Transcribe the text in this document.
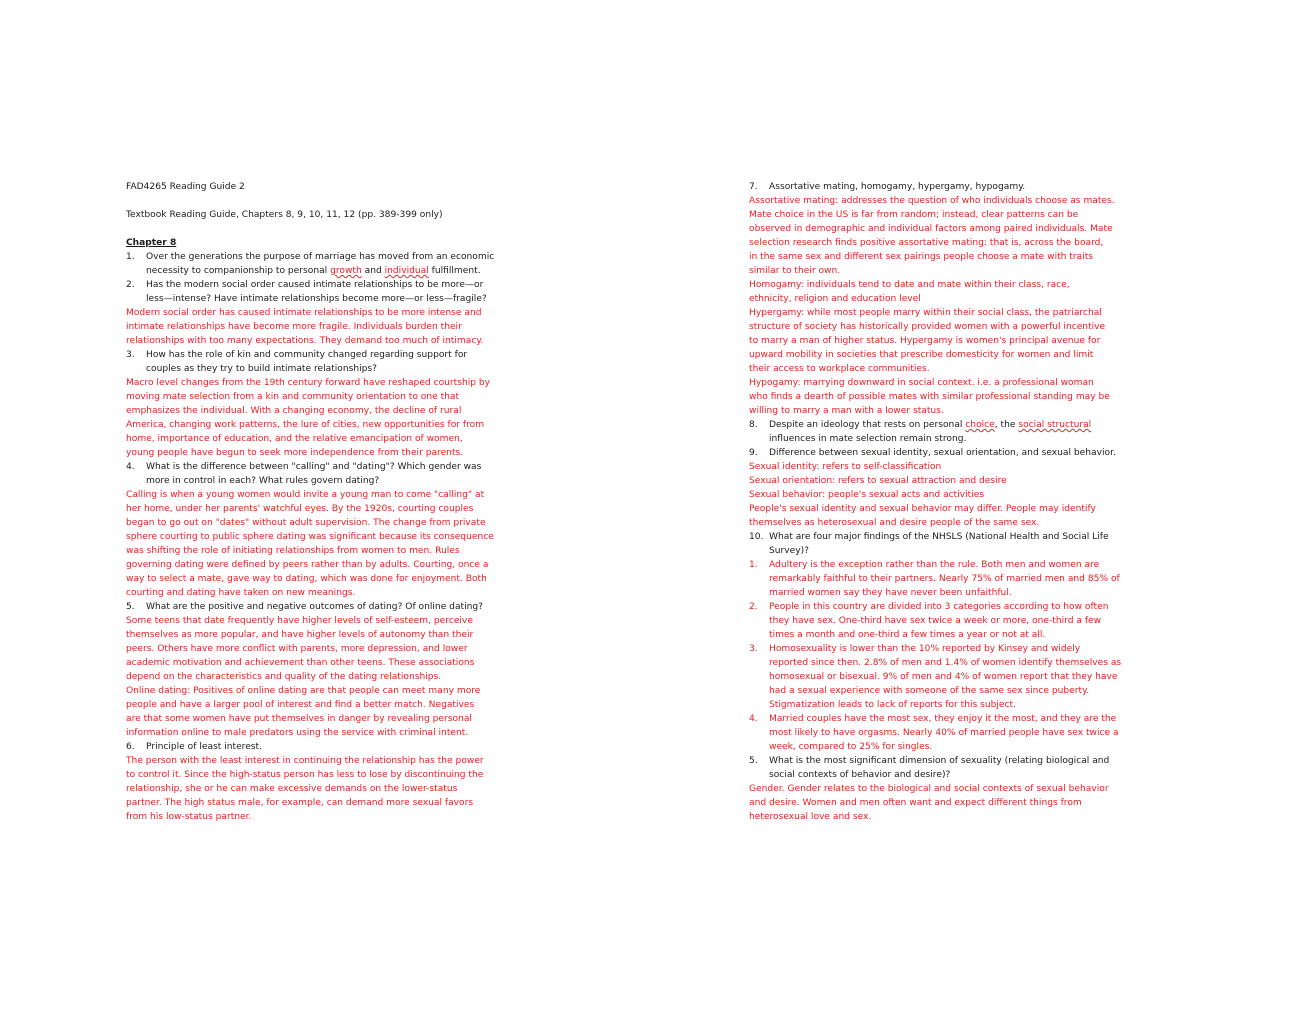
FAD4265 Reading Guide 2
Textbook Reading Guide, Chapters 8, 9, 10, 11, 12 (pp. 389-399 only)
Chapter 8
1. Over the generations the purpose of marriage has moved from an economic
necessity to companionship to personal growth and individual fulfillment.
2. Has the modern social order caused intimate relationships to be more—or
less—intense? Have intimate relationships become more—or less—fragile?
Modern social order has caused intimate relationships to be more intense and
intimate relationships have become more fragile. Individuals burden their
relationships with too many expectations. They demand too much of intimacy.
3. How has the role of kin and community changed regarding support for
couples as they try to build intimate relationships?
Macro level changes from the 19th century forward have reshaped courtship by
moving mate selection from a kin and community orientation to one that
emphasizes the individual. With a changing economy, the decline of rural
America, changing work patterns, the lure of cities, new opportunities for from
home, importance of education, and the relative emancipation of women,
young people have begun to seek more independence from their parents.
4. What is the difference between "calling" and "dating"? Which gender was
more in control in each? What rules govern dating?
Calling is when a young women would invite a young man to come "calling" at
her home, under her parents' watchful eyes. By the 1920s, courting couples
began to go out on "dates" without adult supervision. The change from private
sphere courting to public sphere dating was significant because its consequence
was shifting the role of initiating relationships from women to men. Rules
governing dating were defined by peers rather than by adults. Courting, once a
way to select a mate, gave way to dating, which was done for enjoyment. Both
courting and dating have taken on new meanings.
5. What are the positive and negative outcomes of dating? Of online dating?
Some teens that date frequently have higher levels of self-esteem, perceive
themselves as more popular, and have higher levels of autonomy than their
peers. Others have more conflict with parents, more depression, and lower
academic motivation and achievement than other teens. These associations
depend on the characteristics and quality of the dating relationships.
Online dating: Positives of online dating are that people can meet many more
people and have a larger pool of interest and find a better match. Negatives
are that some women have put themselves in danger by revealing personal
information online to male predators using the service with criminal intent.
6. Principle of least interest.
The person with the least interest in continuing the relationship has the power
to control it. Since the high-status person has less to lose by discontinuing the
relationship, she or he can make excessive demands on the lower-status
partner. The high status male, for example, can demand more sexual favors
from his low-status partner.
7. Assortative mating, homogamy, hypergamy, hypogamy.
Assortative mating: addresses the question of who individuals choose as mates.
Mate choice in the US is far from random; instead, clear patterns can be
observed in demographic and individual factors among paired individuals. Mate
selection research finds positive assortative mating: that is, across the board,
in the same sex and different sex pairings people choose a mate with traits
similar to their own.
Homogamy: individuals tend to date and mate within their class, race,
ethnicity, religion and education level
Hypergamy: while most people marry within their social class, the patriarchal
structure of society has historically provided women with a powerful incentive
to marry a man of higher status. Hypergamy is women's principal avenue for
upward mobility in societies that prescribe domesticity for women and limit
their access to workplace communities.
Hypogamy: marrying downward in social context. i.e. a professional woman
who finds a dearth of possible mates with similar professional standing may be
willing to marry a man with a lower status.
8. Despite an ideology that rests on personal choice, the social structural
influences in mate selection remain strong.
9. Difference between sexual identity, sexual orientation, and sexual behavior.
Sexual identity: refers to self-classification
Sexual orientation: refers to sexual attraction and desire
Sexual behavior: people's sexual acts and activities
People's sexual identity and sexual behavior may differ. People may identify
themselves as heterosexual and desire people of the same sex.
10. What are four major findings of the NHSLS (National Health and Social Life
Survey)?
1. Adultery is the exception rather than the rule. Both men and women are
remarkably faithful to their partners. Nearly 75% of married men and 85% of
married women say they have never been unfaithful.
2. People in this country are divided into 3 categories according to how often
they have sex. One-third have sex twice a week or more, one-third a few
times a month and one-third a few times a year or not at all.
3. Homosexuality is lower than the 10% reported by Kinsey and widely
reported since then. 2.8% of men and 1.4% of women identify themselves as
homosexual or bisexual. 9% of men and 4% of women report that they have
had a sexual experience with someone of the same sex since puberty.
Stigmatization leads to lack of reports for this subject.
4. Married couples have the most sex, they enjoy it the most, and they are the
most likely to have orgasms. Nearly 40% of married people have sex twice a
week, compared to 25% for singles.
5. What is the most significant dimension of sexuality (relating biological and
social contexts of behavior and desire)?
Gender. Gender relates to the biological and social contexts of sexual behavior
and desire. Women and men often want and expect different things from
heterosexual love and sex.
